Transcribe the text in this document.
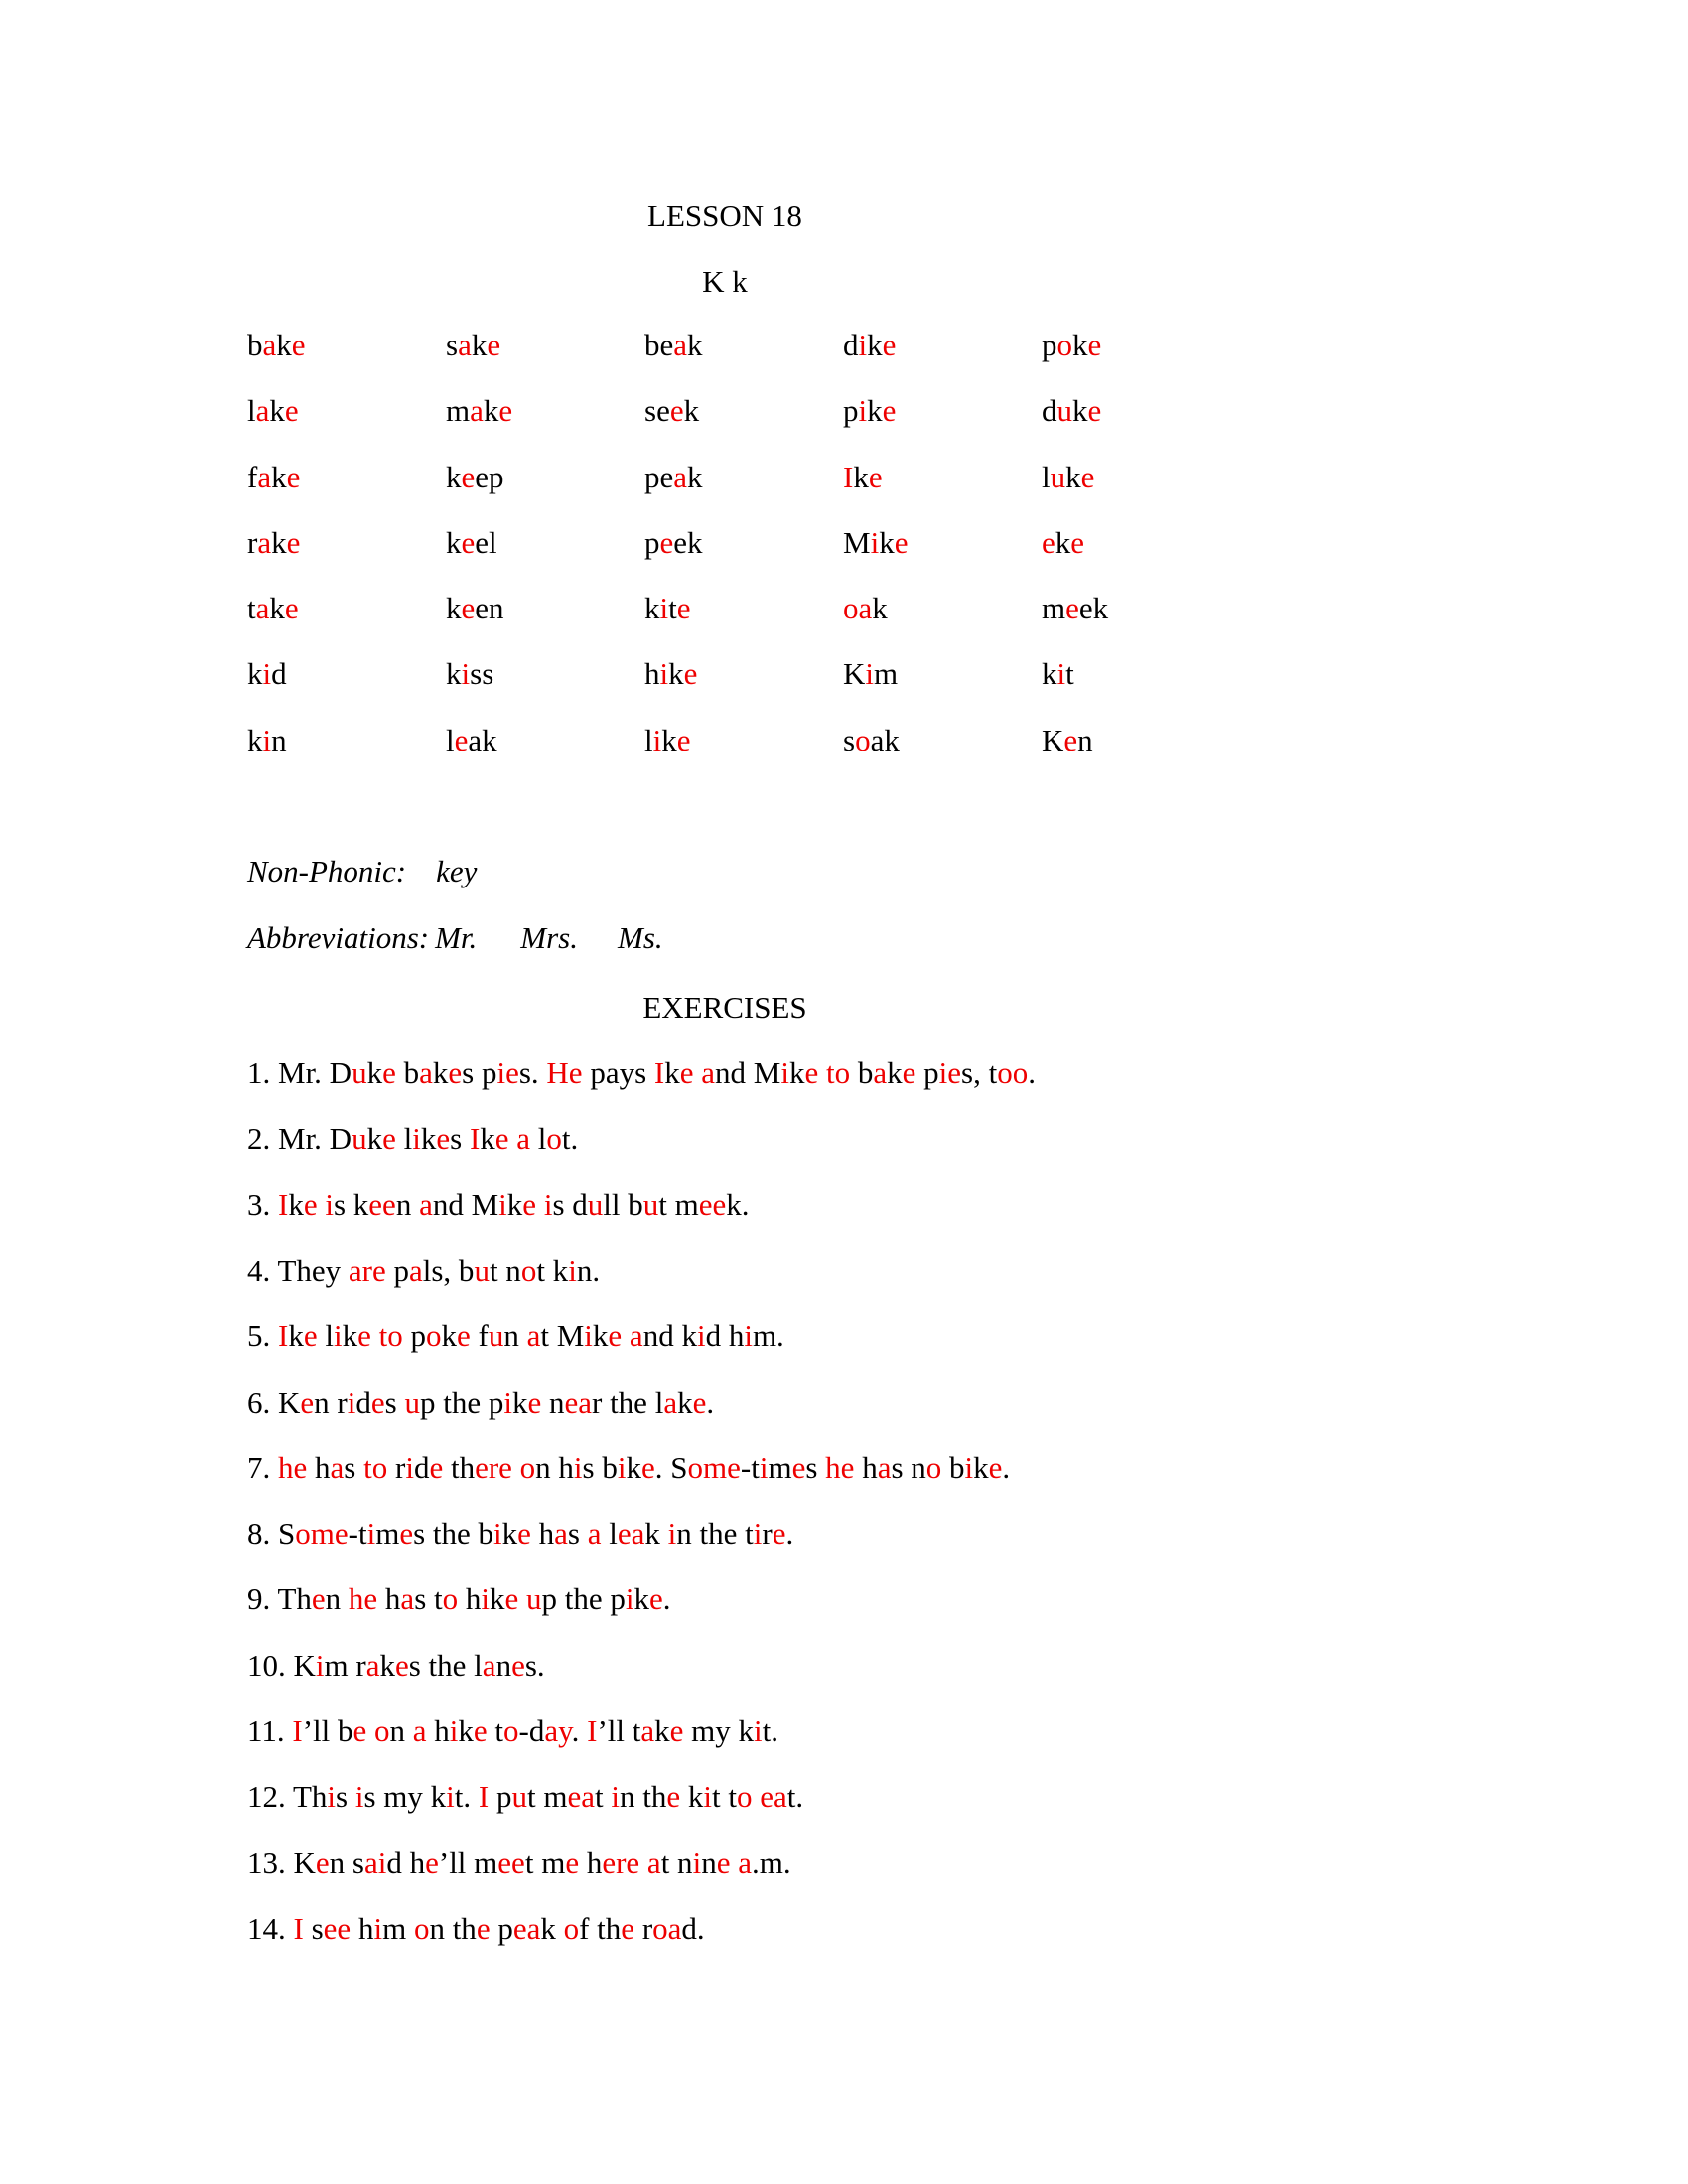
LESSON 18
K k
bake	sake	beak	dike	poke
lake	make	seek	pike	duke
fake	keep	peak	Ike	luke
rake	keel	peek	Mike	eke
take	keen	kite	oak	meek
kid	kiss	hike	Kim	kit
kin	leak	like	soak	Ken
Non-Phonic: key
Abbreviations: Mr. Mrs. Ms.
EXERCISES
1. Mr. Duke bakes pies. He pays Ike and Mike to bake pies, too.
2. Mr. Duke likes Ike a lot.
3. Ike is keen and Mike is dull but meek.
4. They are pals, but not kin.
5. Ike like to poke fun at Mike and kid him.
6. Ken rides up the pike near the lake.
7. he has to ride there on his bike. Some-times he has no bike.
8. Some-times the bike has a leak in the tire.
9. Then he has to hike up the pike.
10. Kim rakes the lanes.
11. I’ll be on a hike to-day. I’ll take my kit.
12. This is my kit. I put meat in the kit to eat.
13. Ken said he’ll meet me here at nine a.m.
14. I see him on the peak of the road.
